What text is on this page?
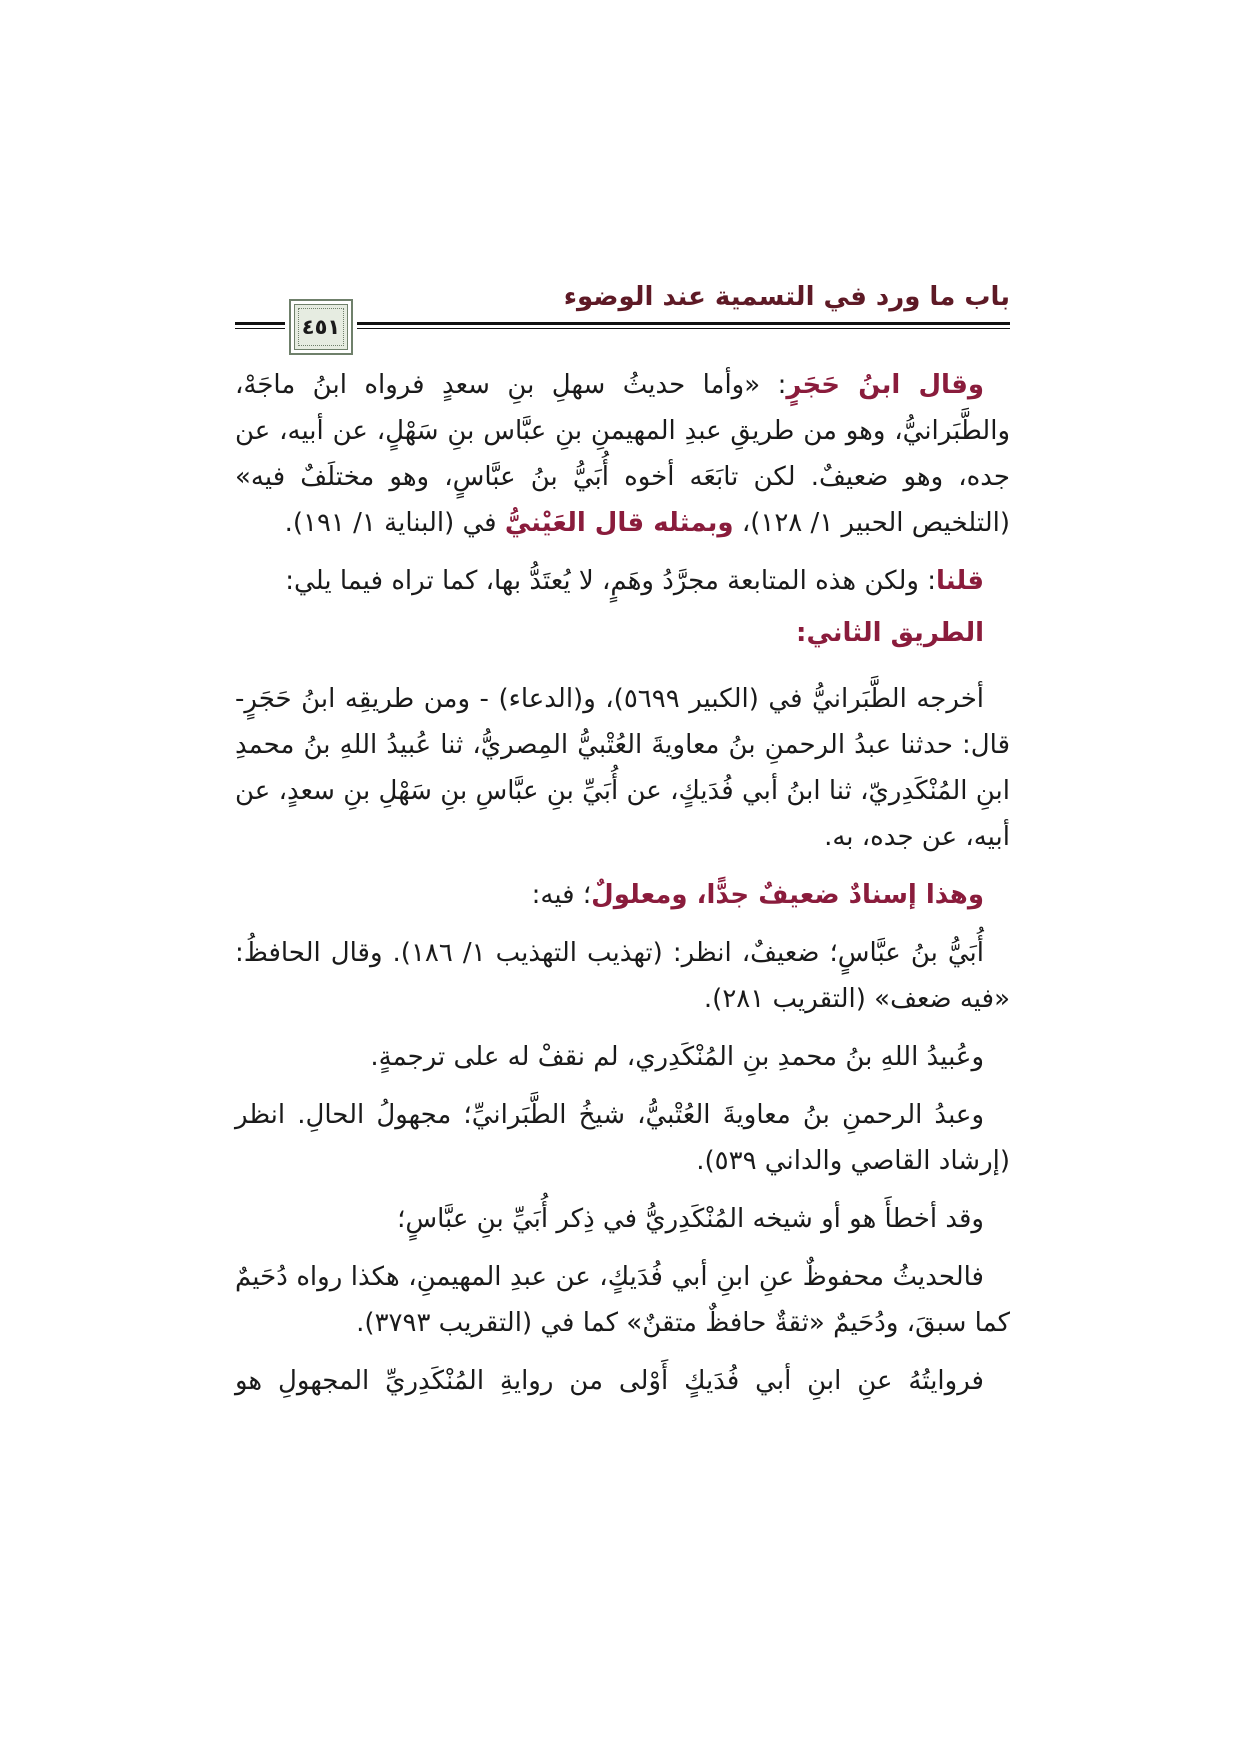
باب ما ورد في التسمية عند الوضوء
٤٥١

وقال ابنُ حَجَرٍ: «وأما حديثُ سهلِ بنِ سعدٍ فرواه ابنُ ماجَهْ، والطَّبَرانيُّ، وهو من طريقِ عبدِ المهيمنِ بنِ عبَّاس بنِ سَهْلٍ، عن أبيه، عن جده، وهو ضعيفٌ. لكن تابَعَه أخوه أُبَيُّ بنُ عبَّاسٍ، وهو مختلَفٌ فيه» (التلخيص الحبير ١/ ١٢٨)، وبمثله قال العَيْنيُّ في (البناية ١/ ١٩١).

قلنا: ولكن هذه المتابعة مجرَّدُ وهَمٍ، لا يُعتَدُّ بها، كما تراه فيما يلي:

الطريق الثاني:

أخرجه الطَّبَرانيُّ في (الكبير ٥٦٩٩)، و(الدعاء) - ومن طريقِه ابنُ حَجَرٍ- قال: حدثنا عبدُ الرحمنِ بنُ معاويةَ العُتْبيُّ المِصريُّ، ثنا عُبيدُ اللهِ بنُ محمدِ ابنِ المُنْكَدِريّ، ثنا ابنُ أبي فُدَيكٍ، عن أُبَيِّ بنِ عبَّاسِ بنِ سَهْلِ بنِ سعدٍ، عن أبيه، عن جده، به.

وهذا إسنادٌ ضعيفٌ جدًّا، ومعلولٌ؛ فيه:

أُبَيُّ بنُ عبَّاسٍ؛ ضعيفٌ، انظر: (تهذيب التهذيب ١/ ١٨٦). وقال الحافظُ: «فيه ضعف» (التقريب ٢٨١).

وعُبيدُ اللهِ بنُ محمدِ بنِ المُنْكَدِري، لم نقفْ له على ترجمةٍ.

وعبدُ الرحمنِ بنُ معاويةَ العُتْبيُّ، شيخُ الطَّبَرانيِّ؛ مجهولُ الحالِ. انظر (إرشاد القاصي والداني ٥٣٩).

وقد أخطأَ هو أو شيخه المُنْكَدِريُّ في ذِكر أُبَيِّ بنِ عبَّاسٍ؛

فالحديثُ محفوظٌ عنِ ابنِ أبي فُدَيكٍ، عن عبدِ المهيمنِ، هكذا رواه دُحَيمٌ كما سبقَ، ودُحَيمٌ «ثقةٌ حافظٌ متقنٌ» كما في (التقريب ٣٧٩٣).

فروايتُهُ عنِ ابنِ أبي فُدَيكٍ أَوْلى من روايةِ المُنْكَدِريِّ المجهولِ هو
